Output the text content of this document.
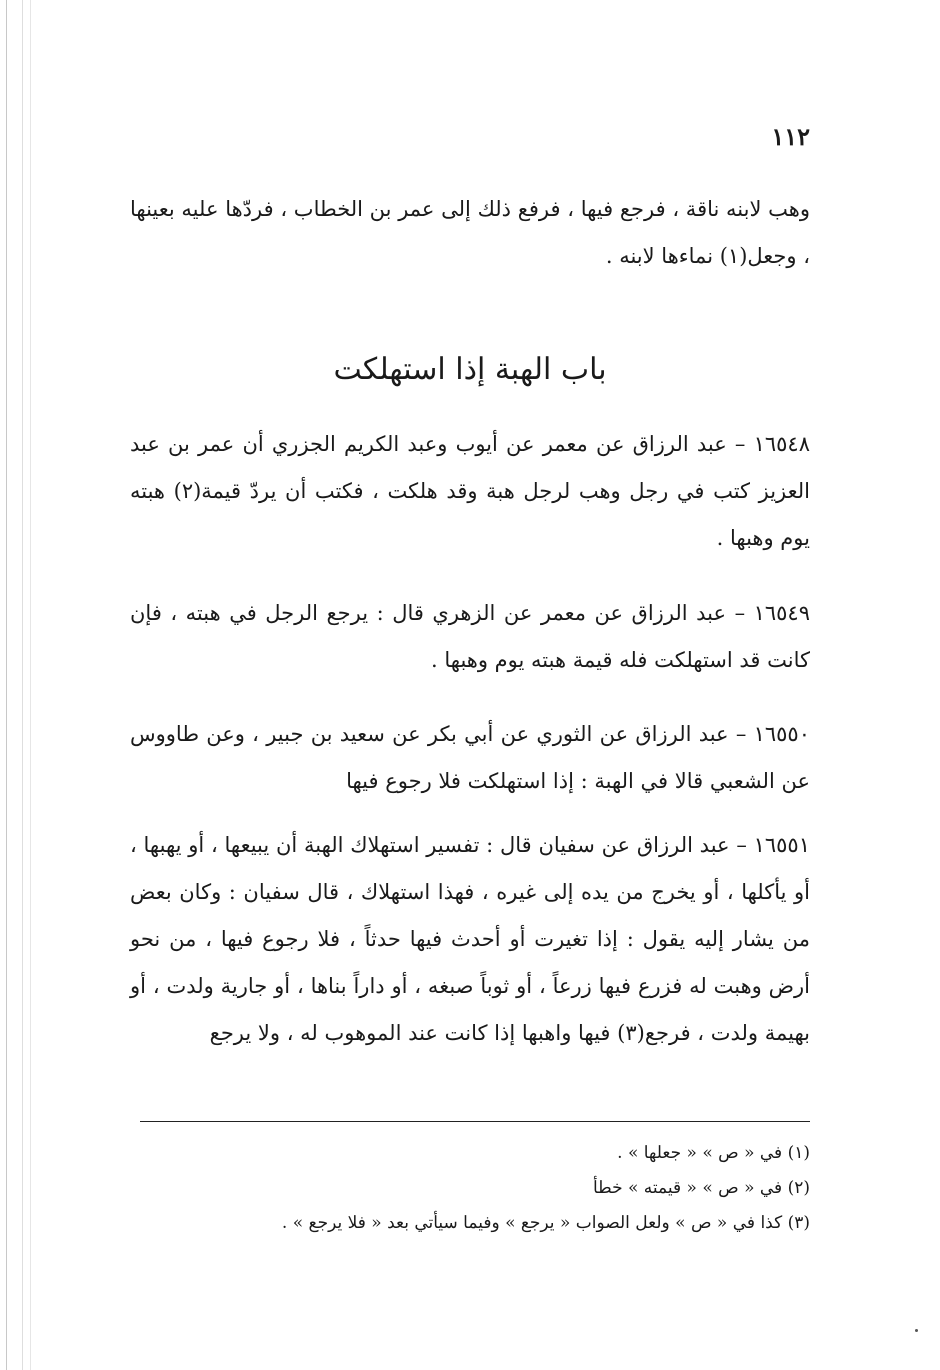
١١٢
وهب لابنه ناقة ، فرجع فيها ، فرفع ذلك إلى عمر بن الخطاب ، فردّها عليه بعينها ، وجعل(١) نماءها لابنه .
باب الهبة إذا استهلكت
١٦٥٤٨ – عبد الرزاق عن معمر عن أيوب وعبد الكريم الجزري أن عمر بن عبد العزيز كتب في رجل وهب لرجل هبة وقد هلكت ، فكتب أن يردّ قيمة(٢) هبته يوم وهبها .
١٦٥٤٩ – عبد الرزاق عن معمر عن الزهري قال : يرجع الرجل في هبته ، فإن كانت قد استهلكت فله قيمة هبته يوم وهبها .
١٦٥٥٠ – عبد الرزاق عن الثوري عن أبي بكر عن سعيد بن جبير ، وعن طاووس عن الشعبي قالا في الهبة : إذا استهلكت فلا رجوع فيها
١٦٥٥١ – عبد الرزاق عن سفيان قال : تفسير استهلاك الهبة أن يبيعها ، أو يهبها ، أو يأكلها ، أو يخرج من يده إلى غيره ، فهذا استهلاك ، قال سفيان : وكان بعض من يشار إليه يقول : إذا تغيرت أو أحدث فيها حدثاً ، فلا رجوع فيها ، من نحو أرض وهبت له فزرع فيها زرعاً ، أو ثوباً صبغه ، أو داراً بناها ، أو جارية ولدت ، أو بهيمة ولدت ، فرجع(٣) فيها واهبها إذا كانت عند الموهوب له ، ولا يرجع
(١) في « ص » « جعلها » .
(٢) في « ص » « قيمته » خطأ
(٣) كذا في « ص » ولعل الصواب « يرجع » وفيما سيأتي بعد « فلا يرجع » .
